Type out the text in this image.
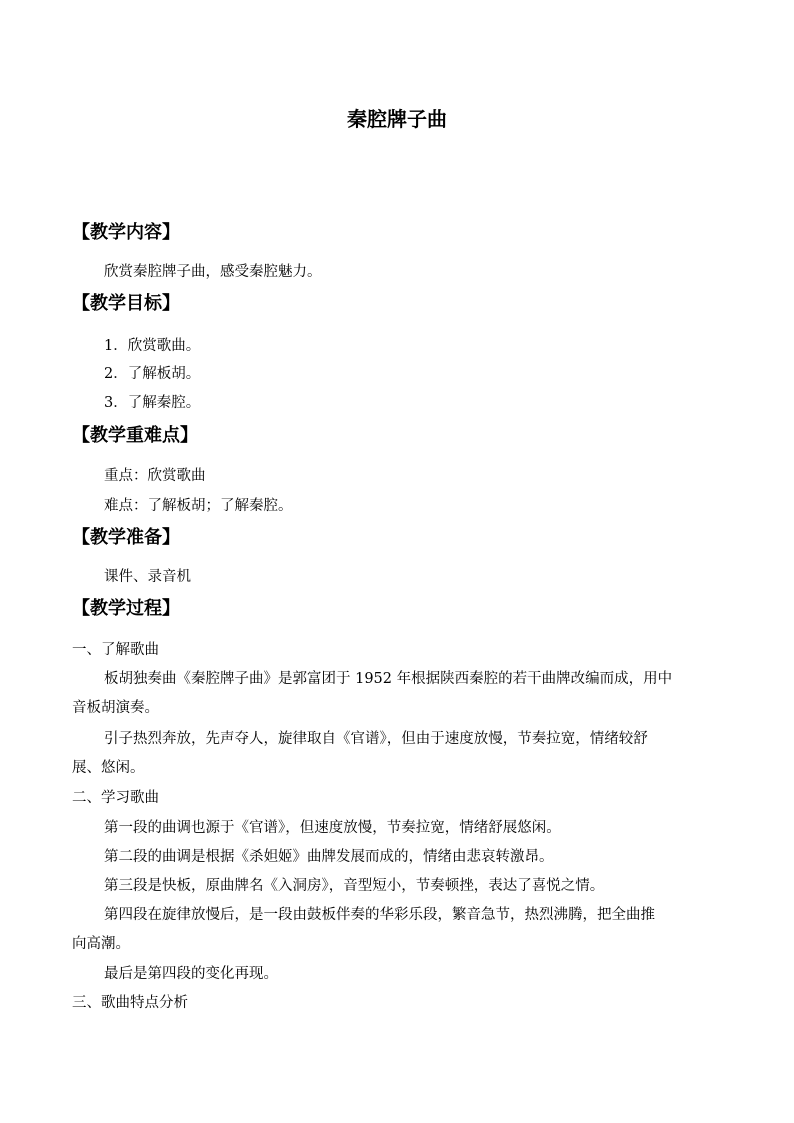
秦腔牌子曲
【教学内容】
欣赏秦腔牌子曲，感受秦腔魅力。
【教学目标】
1．欣赏歌曲。
2．了解板胡。
3．了解秦腔。
【教学重难点】
重点：欣赏歌曲
难点：了解板胡；了解秦腔。
【教学准备】
课件、录音机
【教学过程】
一、了解歌曲
板胡独奏曲《秦腔牌子曲》是郭富团于 1952 年根据陕西秦腔的若干曲牌改编而成，用中
音板胡演奏。
引子热烈奔放，先声夺人，旋律取自《官谱》，但由于速度放慢，节奏拉宽，情绪较舒
展、悠闲。
二、学习歌曲
第一段的曲调也源于《官谱》，但速度放慢，节奏拉宽，情绪舒展悠闲。
第二段的曲调是根据《杀妲姬》曲牌发展而成的，情绪由悲哀转激昂。
第三段是快板，原曲牌名《入洞房》，音型短小，节奏顿挫，表达了喜悦之情。
第四段在旋律放慢后，是一段由鼓板伴奏的华彩乐段，繁音急节，热烈沸腾，把全曲推
向高潮。
最后是第四段的变化再现。
三、歌曲特点分析
